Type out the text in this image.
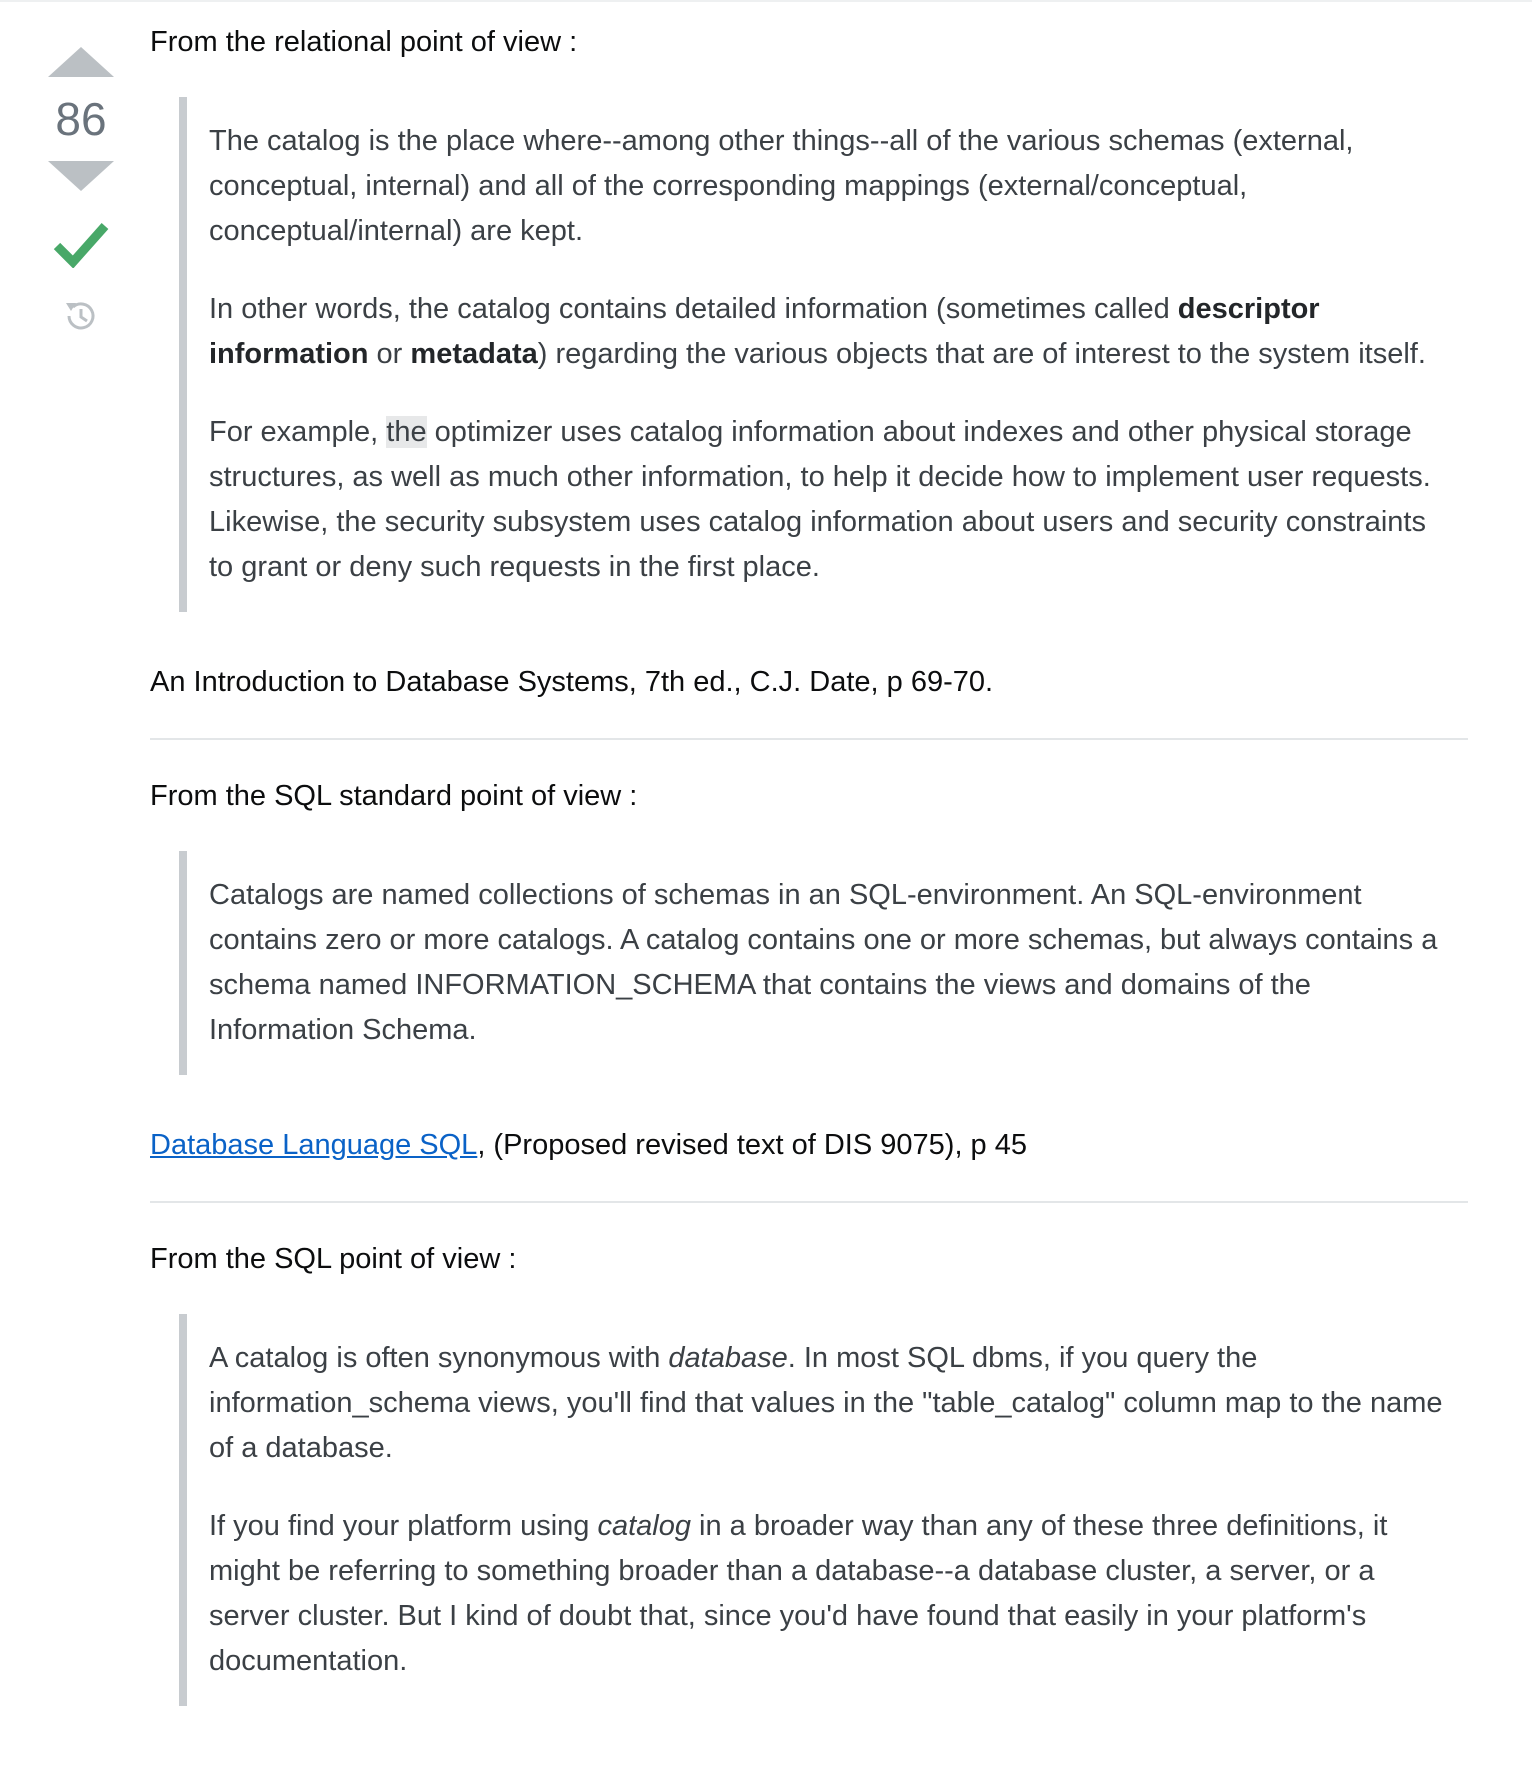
86

From the relational point of view :

The catalog is the place where--among other things--all of the various schemas (external, conceptual, internal) and all of the corresponding mappings (external/conceptual, conceptual/internal) are kept.

In other words, the catalog contains detailed information (sometimes called descriptor information or metadata) regarding the various objects that are of interest to the system itself.

For example, the optimizer uses catalog information about indexes and other physical storage structures, as well as much other information, to help it decide how to implement user requests. Likewise, the security subsystem uses catalog information about users and security constraints to grant or deny such requests in the first place.

An Introduction to Database Systems, 7th ed., C.J. Date, p 69-70.

From the SQL standard point of view :

Catalogs are named collections of schemas in an SQL-environment. An SQL-environment contains zero or more catalogs. A catalog contains one or more schemas, but always contains a schema named INFORMATION_SCHEMA that contains the views and domains of the Information Schema.

Database Language SQL, (Proposed revised text of DIS 9075), p 45

From the SQL point of view :

A catalog is often synonymous with database. In most SQL dbms, if you query the information_schema views, you'll find that values in the "table_catalog" column map to the name of a database.

If you find your platform using catalog in a broader way than any of these three definitions, it might be referring to something broader than a database--a database cluster, a server, or a server cluster. But I kind of doubt that, since you'd have found that easily in your platform's documentation.
